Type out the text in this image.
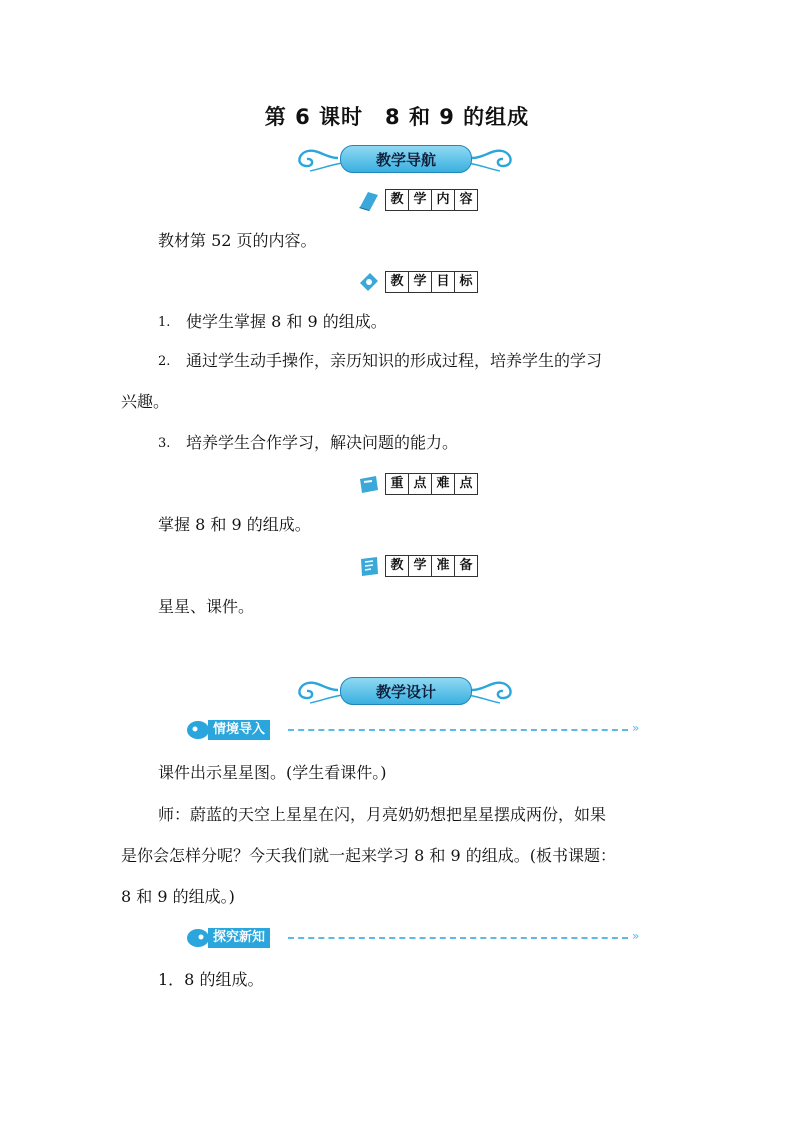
第 6 课时　8 和 9 的组成
教学导航
教 学 内 容
教材第 52 页的内容。
教 学 目 标
1. 使学生掌握 8 和 9 的组成。
2. 通过学生动手操作，亲历知识的形成过程，培养学生的学习
兴趣。
3. 培养学生合作学习，解决问题的能力。
重 点 难 点
掌握 8 和 9 的组成。
教 学 准 备
星星、课件。
教学设计
情境导入	»
课件出示星星图。(学生看课件。)
师：蔚蓝的天空上星星在闪，月亮奶奶想把星星摆成两份，如果
是你会怎样分呢？今天我们就一起来学习 8 和 9 的组成。(板书课题：
8 和 9 的组成。)
探究新知	»
1．8 的组成。
